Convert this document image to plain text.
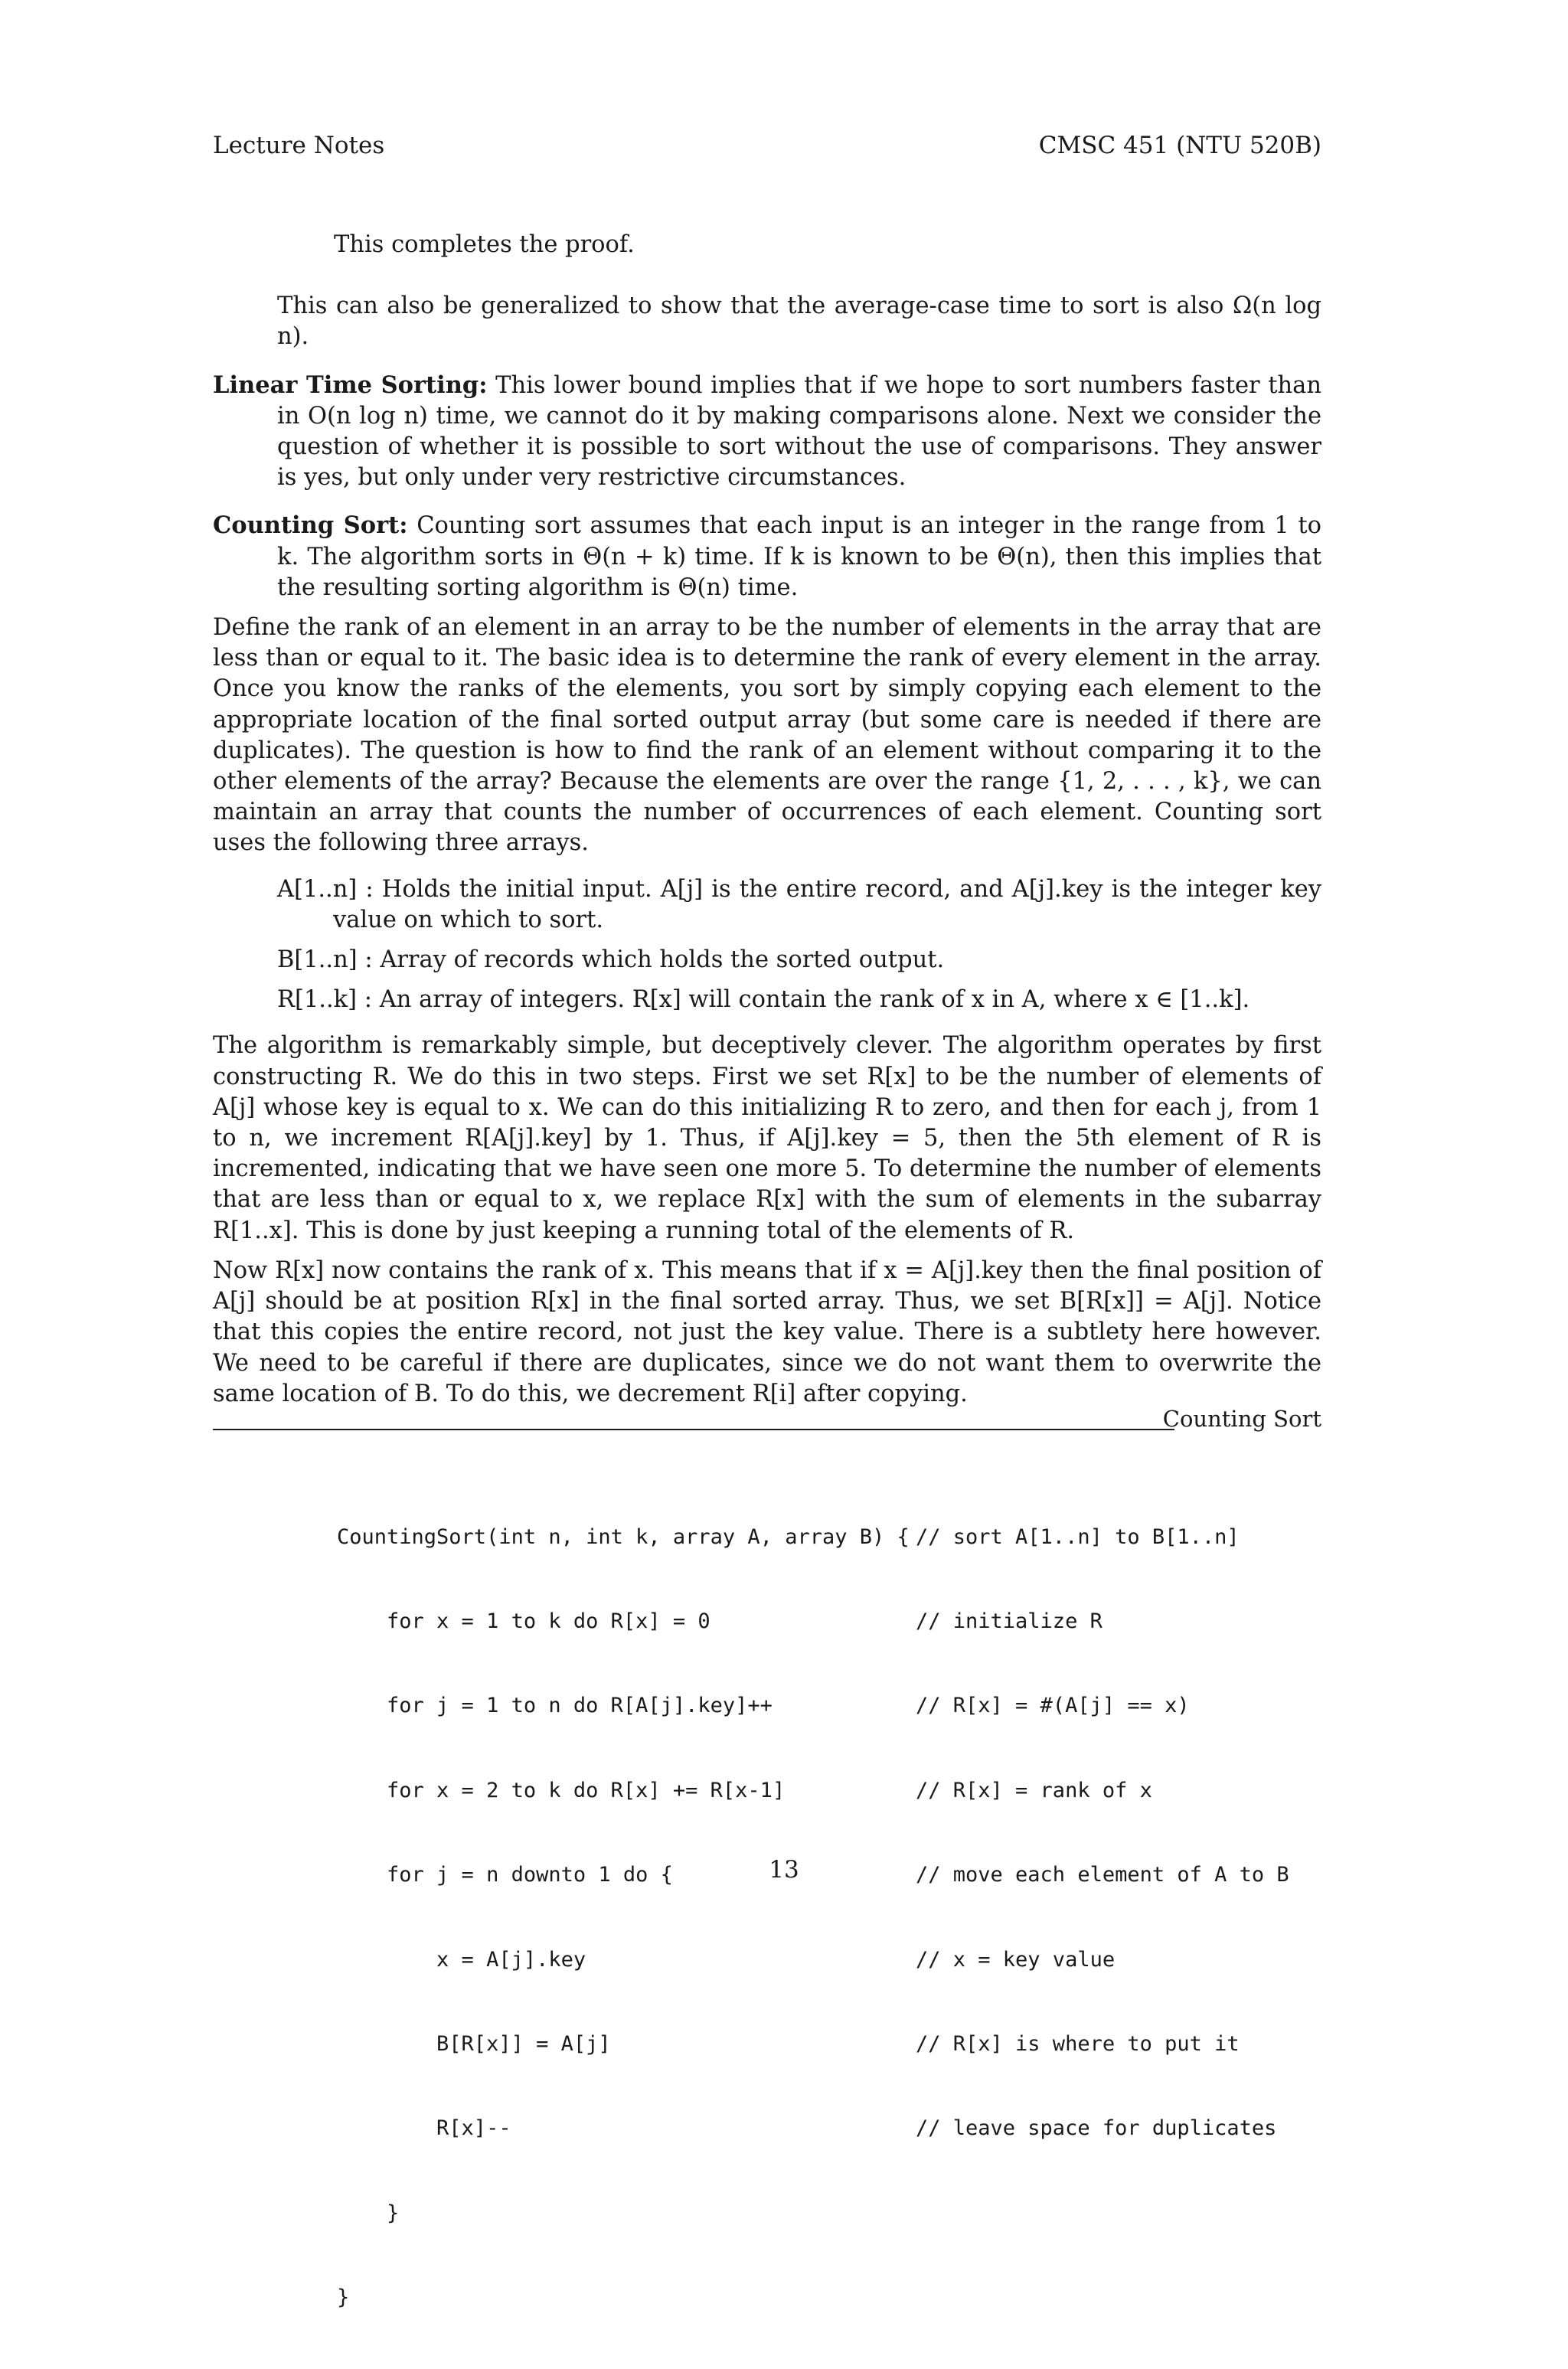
Lecture Notes	CMSC 451 (NTU 520B)

This completes the proof.

This can also be generalized to show that the average-case time to sort is also Ω(n log n).

Linear Time Sorting: This lower bound implies that if we hope to sort numbers faster than in O(n log n) time, we cannot do it by making comparisons alone. Next we consider the question of whether it is possible to sort without the use of comparisons. They answer is yes, but only under very restrictive circumstances.

Counting Sort: Counting sort assumes that each input is an integer in the range from 1 to k. The algorithm sorts in Θ(n + k) time. If k is known to be Θ(n), then this implies that the resulting sorting algorithm is Θ(n) time.

Define the rank of an element in an array to be the number of elements in the array that are less than or equal to it. The basic idea is to determine the rank of every element in the array. Once you know the ranks of the elements, you sort by simply copying each element to the appropriate location of the final sorted output array (but some care is needed if there are duplicates). The question is how to find the rank of an element without comparing it to the other elements of the array? Because the elements are over the range {1, 2, . . . , k}, we can maintain an array that counts the number of occurrences of each element. Counting sort uses the following three arrays.

A[1..n] : Holds the initial input. A[j] is the entire record, and A[j].key is the integer key value on which to sort.

B[1..n] : Array of records which holds the sorted output.

R[1..k] : An array of integers. R[x] will contain the rank of x in A, where x ∈ [1..k].

The algorithm is remarkably simple, but deceptively clever. The algorithm operates by first constructing R. We do this in two steps. First we set R[x] to be the number of elements of A[j] whose key is equal to x. We can do this initializing R to zero, and then for each j, from 1 to n, we increment R[A[j].key] by 1. Thus, if A[j].key = 5, then the 5th element of R is incremented, indicating that we have seen one more 5. To determine the number of elements that are less than or equal to x, we replace R[x] with the sum of elements in the subarray R[1..x]. This is done by just keeping a running total of the elements of R.

Now R[x] now contains the rank of x. This means that if x = A[j].key then the final position of A[j] should be at position R[x] in the final sorted array. Thus, we set B[R[x]] = A[j]. Notice that this copies the entire record, not just the key value. There is a subtlety here however. We need to be careful if there are duplicates, since we do not want them to overwrite the same location of B. To do this, we decrement R[i] after copying.

Counting Sort

CountingSort(int n, int k, array A, array B) { // sort A[1..n] to B[1..n]

for x = 1 to k do R[x] = 0	// initialize R

for j = 1 to n do R[A[j].key]++	// R[x] = #(A[j] == x)

for x = 2 to k do R[x] += R[x-1]	// R[x] = rank of x

for j = n downto 1 do {	// move each element of A to B

x = A[j].key	// x = key value

B[R[x]] = A[j]	// R[x] is where to put it

R[x]--	// leave space for duplicates

}

}

13
